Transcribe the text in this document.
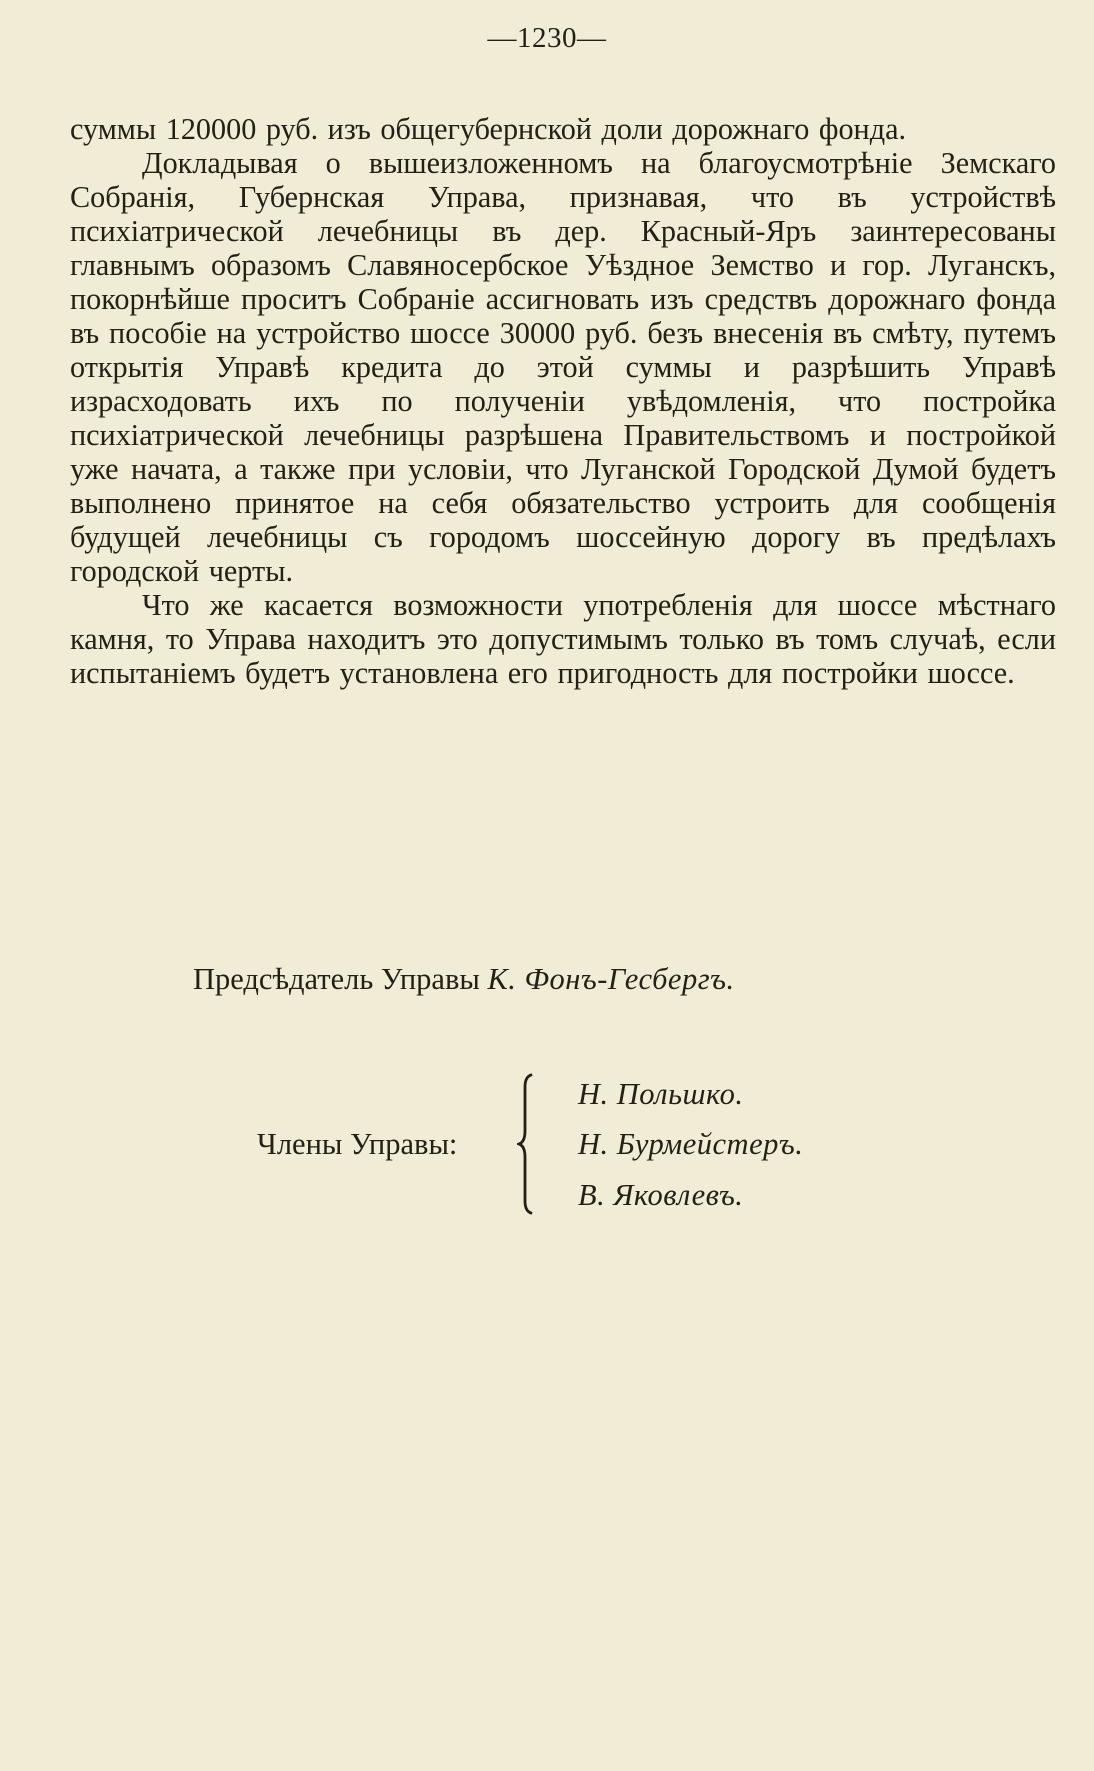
—1230—

суммы 120000 руб. изъ общегубернской доли дорожнаго фонда.

Докладывая о вышеизложенномъ на благоусмотрѣніе Земскаго Собранія, Губернская Управа, признавая, что въ устройствѣ психіатрической лечебницы въ дер. Красный-Яръ заинтересованы главнымъ образомъ Славяносербское Уѣздное Земство и гор. Луганскъ, покорнѣйше проситъ Собраніе ассигновать изъ средствъ дорожнаго фонда въ пособіе на устройство шоссе 30000 руб. безъ внесенія въ смѣту, путемъ открытія Управѣ кредита до этой суммы и разрѣшить Управѣ израсходовать ихъ по полученіи увѣдомленія, что постройка психіатрической лечебницы разрѣшена Правительствомъ и постройкой уже начата, а также при условіи, что Луганской Городской Думой будетъ выполнено принятое на себя обязательство устроить для сообщенія будущей лечебницы съ городомъ шоссейную дорогу въ предѣлахъ городской черты.

Что же касается возможности употребленія для шоссе мѣстнаго камня, то Управа находитъ это допустимымъ только въ томъ случаѣ, если испытаніемъ будетъ установлена его пригодность для постройки шоссе.

Предсѣдатель Управы К. Фонъ-Гесбергъ.
Члены Управы:
Н. Польшко.
Н. Бурмейстеръ.
В. Яковлевъ.
